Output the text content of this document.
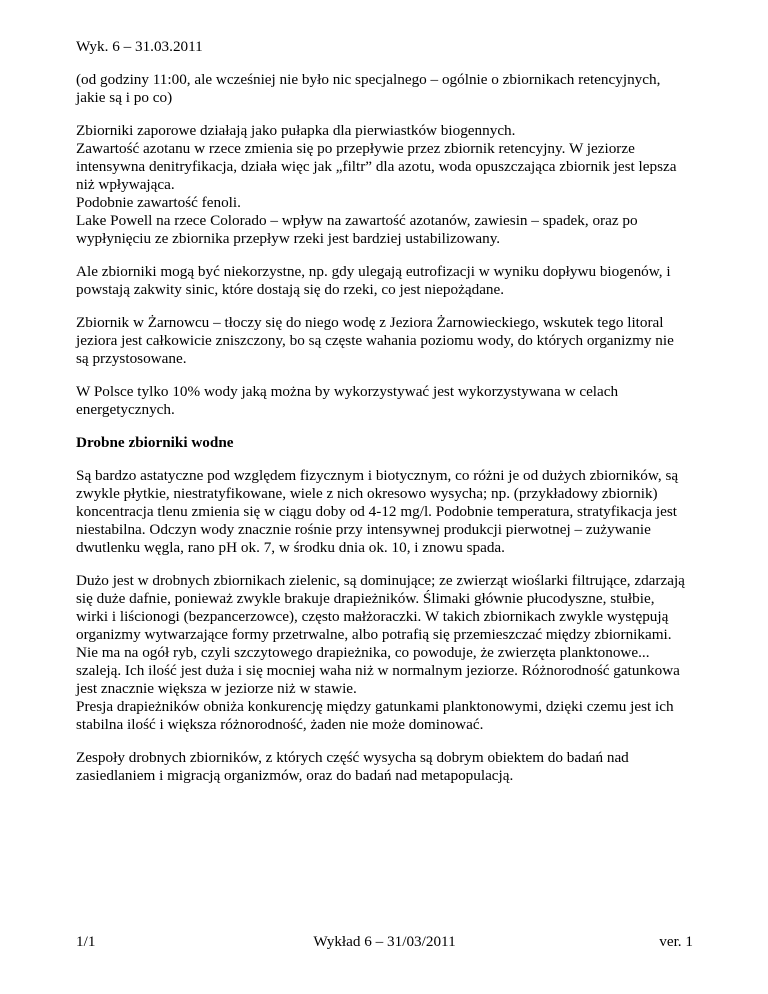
Wyk. 6 – 31.03.2011
(od godziny 11:00, ale wcześniej nie było nic specjalnego – ogólnie o zbiornikach retencyjnych,
jakie są i po co)
Zbiorniki zaporowe działają jako pułapka dla pierwiastków biogennych.
Zawartość azotanu w rzece zmienia się po przepływie przez zbiornik retencyjny. W jeziorze
intensywna denitryfikacja, działa więc jak „filtr” dla azotu, woda opuszczająca zbiornik jest lepsza
niż wpływająca.
Podobnie zawartość fenoli.
Lake Powell na rzece Colorado – wpływ na zawartość azotanów, zawiesin – spadek, oraz po
wypłynięciu ze zbiornika przepływ rzeki jest bardziej ustabilizowany.
Ale zbiorniki mogą być niekorzystne, np. gdy ulegają eutrofizacji w wyniku dopływu biogenów, i
powstają zakwity sinic, które dostają się do rzeki, co jest niepożądane.
Zbiornik w Żarnowcu – tłoczy się do niego wodę z Jeziora Żarnowieckiego, wskutek tego litoral
jeziora jest całkowicie zniszczony, bo są częste wahania poziomu wody, do których organizmy nie
są przystosowane.
W Polsce tylko 10% wody jaką można by wykorzystywać jest wykorzystywana w celach
energetycznych.
Drobne zbiorniki wodne
Są bardzo astatyczne pod względem fizycznym i biotycznym, co różni je od dużych zbiorników, są
zwykle płytkie, niestratyfikowane, wiele z nich okresowo wysycha; np. (przykładowy zbiornik)
koncentracja tlenu zmienia się w ciągu doby od 4-12 mg/l. Podobnie temperatura, stratyfikacja jest
niestabilna. Odczyn wody znacznie rośnie przy intensywnej produkcji pierwotnej – zużywanie
dwutlenku węgla, rano pH ok. 7, w środku dnia ok. 10, i znowu spada.
Dużo jest w drobnych zbiornikach zielenic, są dominujące; ze zwierząt wioślarki filtrujące, zdarzają
się duże dafnie, ponieważ zwykle brakuje drapieżników. Ślimaki głównie płucodyszne, stułbie,
wirki i liścionogi (bezpancerzowce), często małżoraczki. W takich zbiornikach zwykle występują
organizmy wytwarzające formy przetrwalne, albo potrafią się przemieszczać między zbiornikami.
Nie ma na ogół ryb, czyli szczytowego drapieżnika, co powoduje, że zwierzęta planktonowe...
szaleją. Ich ilość jest duża i się mocniej waha niż w normalnym jeziorze. Różnorodność gatunkowa
jest znacznie większa w jeziorze niż w stawie.
Presja drapieżników obniża konkurencję między gatunkami planktonowymi, dzięki czemu jest ich
stabilna ilość i większa różnorodność, żaden nie może dominować.
Zespoły drobnych zbiorników, z których część wysycha są dobrym obiektem do badań nad
zasiedlaniem i migracją organizmów, oraz do badań nad metapopulacją.
1/1	Wykład 6 – 31/03/2011	ver. 1
